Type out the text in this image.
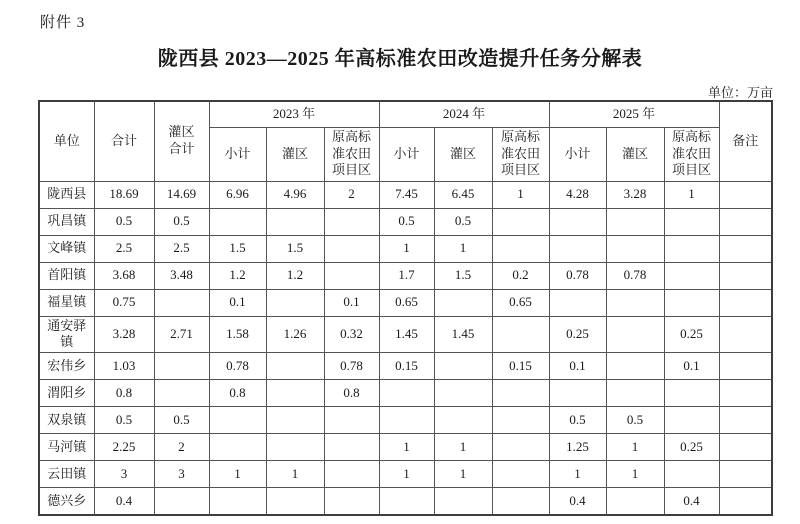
附件 3
陇西县 2023—2025 年高标准农田改造提升任务分解表
单位：万亩
单位	合计	灌区合计	2023 年			2024 年			2025 年			备注
			小计	灌区	原高标准农田项目区	小计	灌区	原高标准农田项目区	小计	灌区	原高标准农田项目区	
陇西县	18.69	14.69	6.96	4.96	2	7.45	6.45	1	4.28	3.28	1	
巩昌镇	0.5	0.5				0.5	0.5					
文峰镇	2.5	2.5	1.5	1.5		1	1					
首阳镇	3.68	3.48	1.2	1.2		1.7	1.5	0.2	0.78	0.78		
福星镇	0.75		0.1		0.1	0.65		0.65				
通安驿镇	3.28	2.71	1.58	1.26	0.32	1.45	1.45		0.25		0.25	
宏伟乡	1.03		0.78		0.78	0.15		0.15	0.1		0.1	
渭阳乡	0.8		0.8		0.8							
双泉镇	0.5	0.5							0.5	0.5		
马河镇	2.25	2				1	1		1.25	1	0.25	
云田镇	3	3	1	1		1	1		1	1		
德兴乡	0.4								0.4		0.4	
